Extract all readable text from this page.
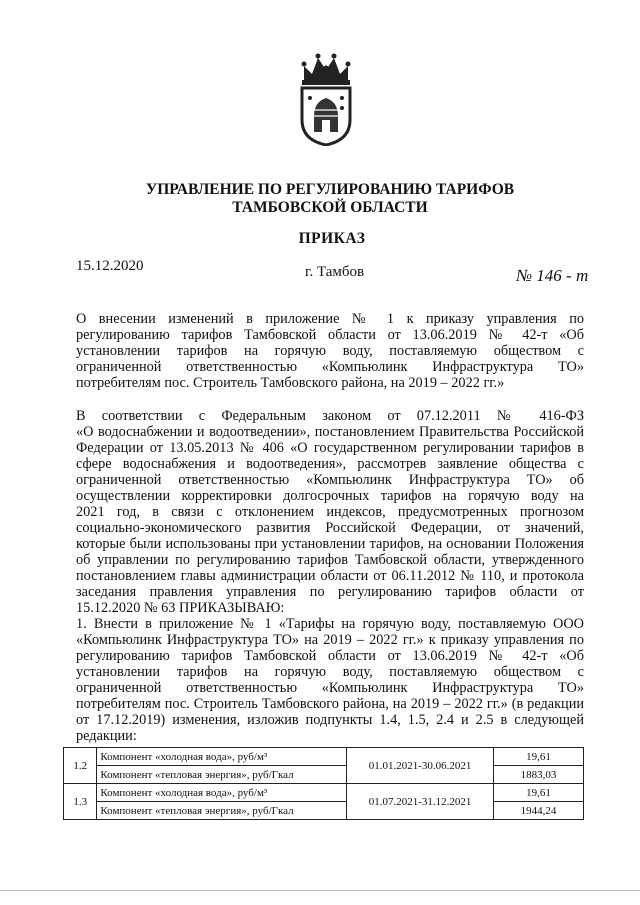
УПРАВЛЕНИЕ ПО РЕГУЛИРОВАНИЮ ТАРИФОВ
ТАМБОВСКОЙ ОБЛАСТИ
ПРИКАЗ
15.12.2020	г. Тамбов	№ 146 - т
О внесении изменений в приложение № 1 к приказу управления по
регулированию тарифов Тамбовской области от 13.06.2019 № 42-т «Об
установлении тарифов на горячую воду, поставляемую обществом с
ограниченной ответственностью «Компьюлинк Инфраструктура ТО»
потребителям пос. Строитель Тамбовского района, на 2019 – 2022 гг.»
В соответствии с Федеральным законом от 07.12.2011 № 416-ФЗ
«О водоснабжении и водоотведении», постановлением Правительства Российской
Федерации от 13.05.2013 № 406 «О государственном регулировании тарифов в
сфере водоснабжения и водоотведения», рассмотрев заявление общества с
ограниченной ответственностью «Компьюлинк Инфраструктура ТО» об
осуществлении корректировки долгосрочных тарифов на горячую воду на
2021 год, в связи с отклонением индексов, предусмотренных прогнозом
социально-экономического развития Российской Федерации, от значений,
которые были использованы при установлении тарифов, на основании Положения
об управлении по регулированию тарифов Тамбовской области, утвержденного
постановлением главы администрации области от 06.11.2012 № 110, и протокола
заседания правления управления по регулированию тарифов области от
15.12.2020 № 63 ПРИКАЗЫВАЮ:
1. Внести в приложение № 1 «Тарифы на горячую воду, поставляемую ООО
«Компьюлинк Инфраструктура ТО» на 2019 – 2022 гг.» к приказу управления по
регулированию тарифов Тамбовской области от 13.06.2019 № 42-т «Об
установлении тарифов на горячую воду, поставляемую обществом с
ограниченной ответственностью «Компьюлинк Инфраструктура ТО»
потребителям пос. Строитель Тамбовского района, на 2019 – 2022 гг.» (в редакции
от 17.12.2019) изменения, изложив подпункты 1.4, 1.5, 2.4 и 2.5 в следующей
редакции:
1.2	Компонент «холодная вода», руб/м³	01.01.2021-30.06.2021	19,61
	Компонент «тепловая энергия», руб/Гкал		1883,03
1.3	Компонент «холодная вода», руб/м³	01.07.2021-31.12.2021	19,61
	Компонент «тепловая энергия», руб/Гкал		1944,24
